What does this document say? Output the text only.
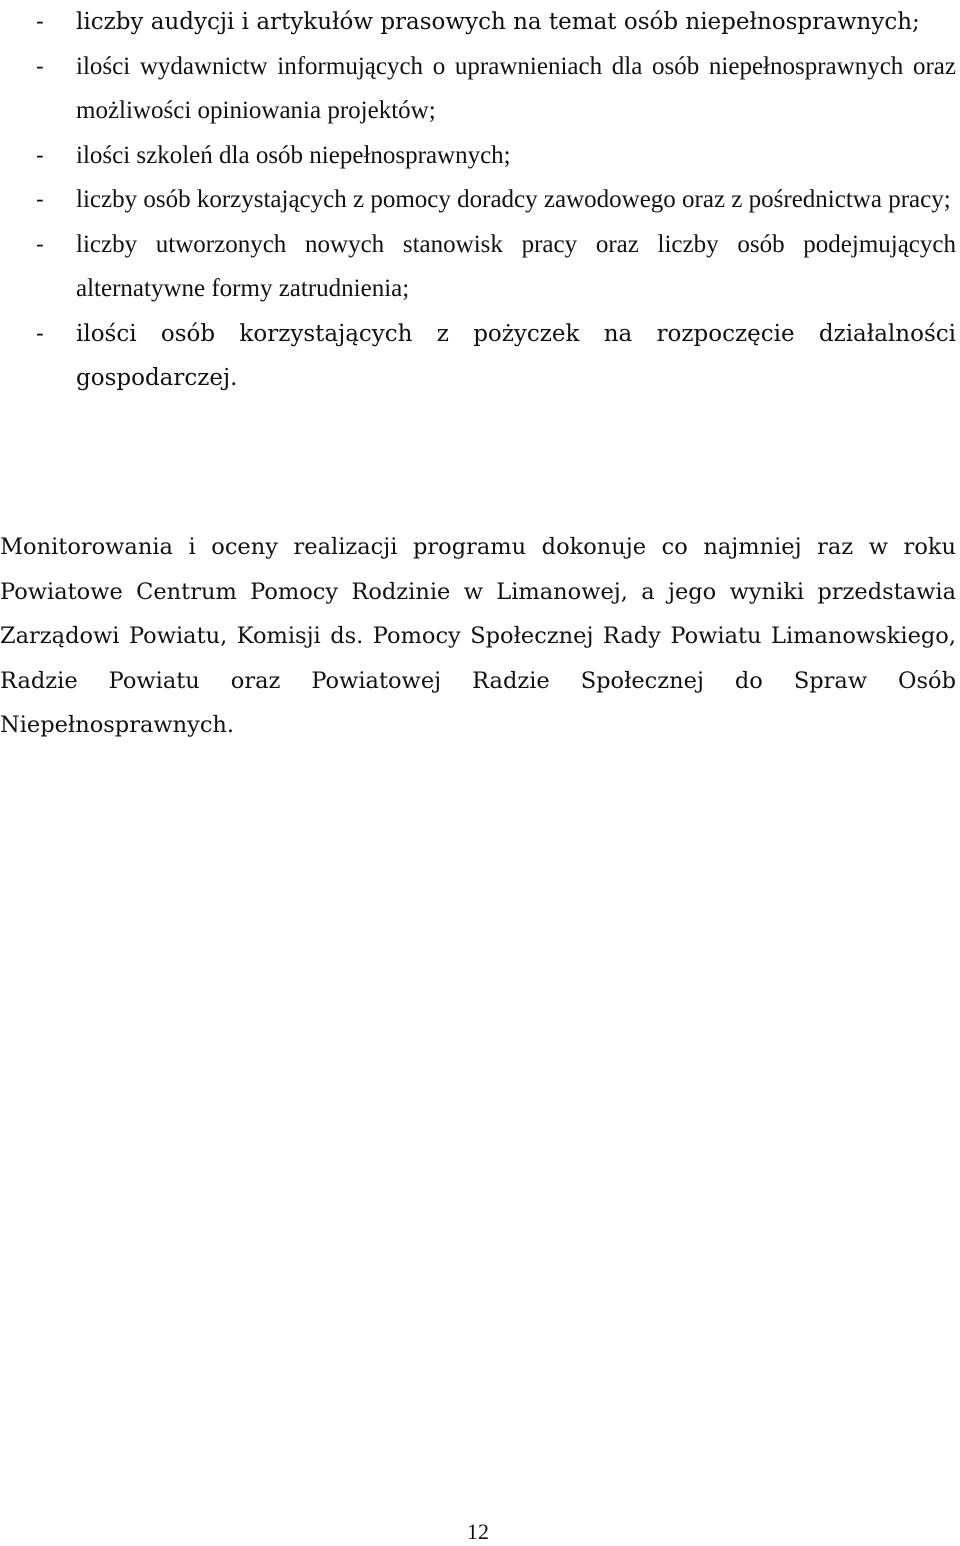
- liczby audycji i artykułów prasowych na temat osób niepełnosprawnych;
- ilości wydawnictw informujących o uprawnieniach dla osób niepełnosprawnych oraz możliwości opiniowania projektów;
- ilości szkoleń dla osób niepełnosprawnych;
- liczby osób korzystających z pomocy doradcy zawodowego oraz z pośrednictwa pracy;
- liczby utworzonych nowych stanowisk pracy oraz liczby osób podejmujących alternatywne formy zatrudnienia;
- ilości osób korzystających z pożyczek na rozpoczęcie działalności gospodarczej.

Monitorowania i oceny realizacji programu dokonuje co najmniej raz w roku Powiatowe Centrum Pomocy Rodzinie w Limanowej, a jego wyniki przedstawia Zarządowi Powiatu, Komisji ds. Pomocy Społecznej Rady Powiatu Limanowskiego, Radzie Powiatu oraz Powiatowej Radzie Społecznej do Spraw Osób Niepełnosprawnych.

12
